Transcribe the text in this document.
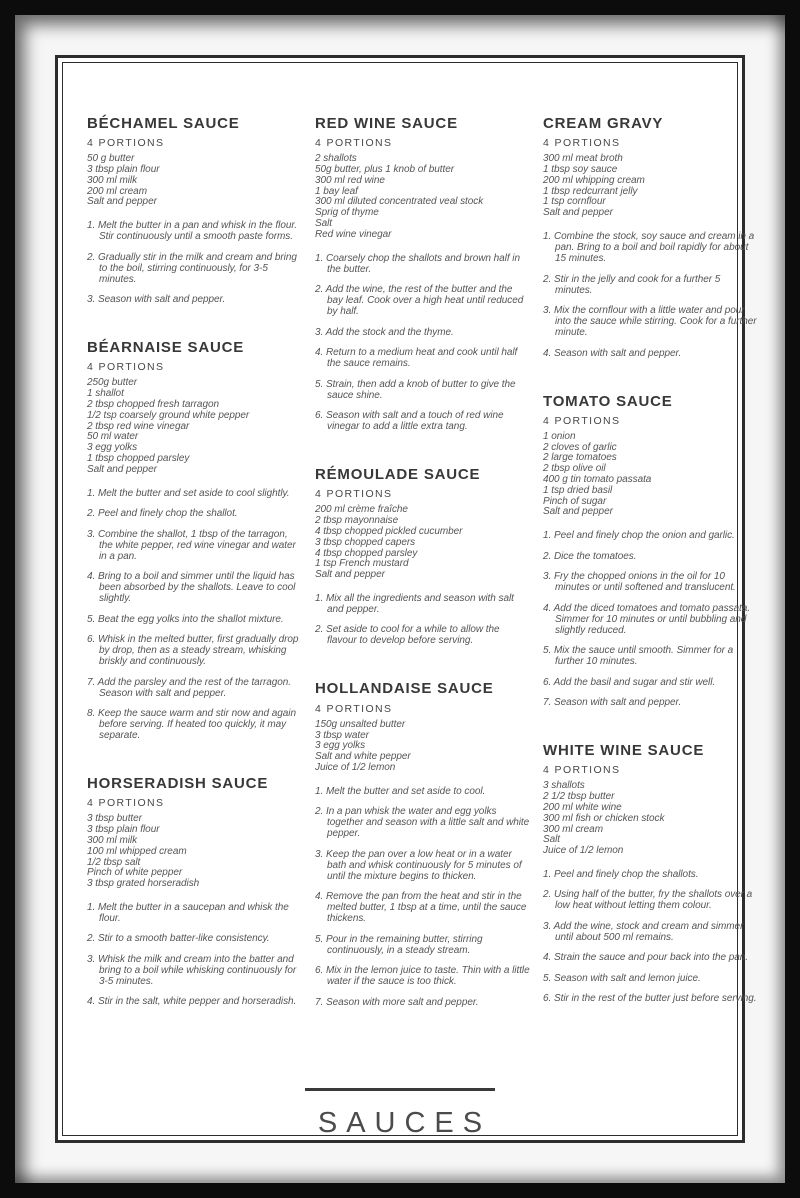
BÉCHAMEL SAUCE
4 PORTIONS
50 g butter
3 tbsp plain flour
300 ml milk
200 ml cream
Salt and pepper
1. Melt the butter in a pan and whisk in the flour. Stir continuously until a smooth paste forms.
2. Gradually stir in the milk and cream and bring to the boil, stirring continuously, for 3-5 minutes.
3. Season with salt and pepper.
BÉARNAISE SAUCE
4 PORTIONS
250g butter
1 shallot
2 tbsp chopped fresh tarragon
1/2 tsp coarsely ground white pepper
2 tbsp red wine vinegar
50 ml water
3 egg yolks
1 tbsp chopped parsley
Salt and pepper
1. Melt the butter and set aside to cool slightly.
2. Peel and finely chop the shallot.
3. Combine the shallot, 1 tbsp of the tarragon, the white pepper, red wine vinegar and water in a pan.
4. Bring to a boil and simmer until the liquid has been absorbed by the shallots. Leave to cool slightly.
5. Beat the egg yolks into the shallot mixture.
6. Whisk in the melted butter, first gradually drop by drop, then as a steady stream, whisking briskly and continuously.
7. Add the parsley and the rest of the tarragon. Season with salt and pepper.
8. Keep the sauce warm and stir now and again before serving. If heated too quickly, it may separate.
HORSERADISH SAUCE
4 PORTIONS
3 tbsp butter
3 tbsp plain flour
300 ml milk
100 ml whipped cream
1/2 tbsp salt
Pinch of white pepper
3 tbsp grated horseradish
1. Melt the butter in a saucepan and whisk the flour.
2. Stir to a smooth batter-like consistency.
3. Whisk the milk and cream into the batter and bring to a boil while whisking continuously for 3-5 minutes.
4. Stir in the salt, white pepper and horseradish.
RED WINE SAUCE
4 PORTIONS
2 shallots
50g butter, plus 1 knob of butter
300 ml red wine
1 bay leaf
300 ml diluted concentrated veal stock
Sprig of thyme
Salt
Red wine vinegar
1. Coarsely chop the shallots and brown half in the butter.
2. Add the wine, the rest of the butter and the bay leaf. Cook over a high heat until reduced by half.
3. Add the stock and the thyme.
4. Return to a medium heat and cook until half the sauce remains.
5. Strain, then add a knob of butter to give the sauce shine.
6. Season with salt and a touch of red wine vinegar to add a little extra tang.
RÉMOULADE SAUCE
4 PORTIONS
200 ml crème fraîche
2 tbsp mayonnaise
4 tbsp chopped pickled cucumber
3 tbsp chopped capers
4 tbsp chopped parsley
1 tsp French mustard
Salt and pepper
1. Mix all the ingredients and season with salt and pepper.
2. Set aside to cool for a while to allow the flavour to develop before serving.
HOLLANDAISE SAUCE
4 PORTIONS
150g unsalted butter
3 tbsp water
3 egg yolks
Salt and white pepper
Juice of 1/2 lemon
1. Melt the butter and set aside to cool.
2. In a pan whisk the water and egg yolks together and season with a little salt and white pepper.
3. Keep the pan over a low heat or in a water bath and whisk continuously for 5 minutes of until the mixture begins to thicken.
4. Remove the pan from the heat and stir in the melted butter, 1 tbsp at a time, until the sauce thickens.
5. Pour in the remaining butter, stirring continuously, in a steady stream.
6. Mix in the lemon juice to taste. Thin with a little water if the sauce is too thick.
7. Season with more salt and pepper.
CREAM GRAVY
4 PORTIONS
300 ml meat broth
1 tbsp soy sauce
200 ml whipping cream
1 tbsp redcurrant jelly
1 tsp cornflour
Salt and pepper
1. Combine the stock, soy sauce and cream in a pan. Bring to a boil and boil rapidly for about 15 minutes.
2. Stir in the jelly and cook for a further 5 minutes.
3. Mix the cornflour with a little water and pour into the sauce while stirring. Cook for a further minute.
4. Season with salt and pepper.
TOMATO SAUCE
4 PORTIONS
1 onion
2 cloves of garlic
2 large tomatoes
2 tbsp olive oil
400 g tin tomato passata
1 tsp dried basil
Pinch of sugar
Salt and pepper
1. Peel and finely chop the onion and garlic.
2. Dice the tomatoes.
3. Fry the chopped onions in the oil for 10 minutes or until softened and translucent.
4. Add the diced tomatoes and tomato passata. Simmer for 10 minutes or until bubbling and slightly reduced.
5. Mix the sauce until smooth. Simmer for a further 10 minutes.
6. Add the basil and sugar and stir well.
7. Season with salt and pepper.
WHITE WINE SAUCE
4 PORTIONS
3 shallots
2 1/2 tbsp butter
200 ml white wine
300 ml fish or chicken stock
300 ml cream
Salt
Juice of 1/2 lemon
1. Peel and finely chop the shallots.
2. Using half of the butter, fry the shallots over a low heat without letting them colour.
3. Add the wine, stock and cream and simmer until about 500 ml remains.
4. Strain the sauce and pour back into the pan.
5. Season with salt and lemon juice.
6. Stir in the rest of the butter just before serving.
SAUCES
